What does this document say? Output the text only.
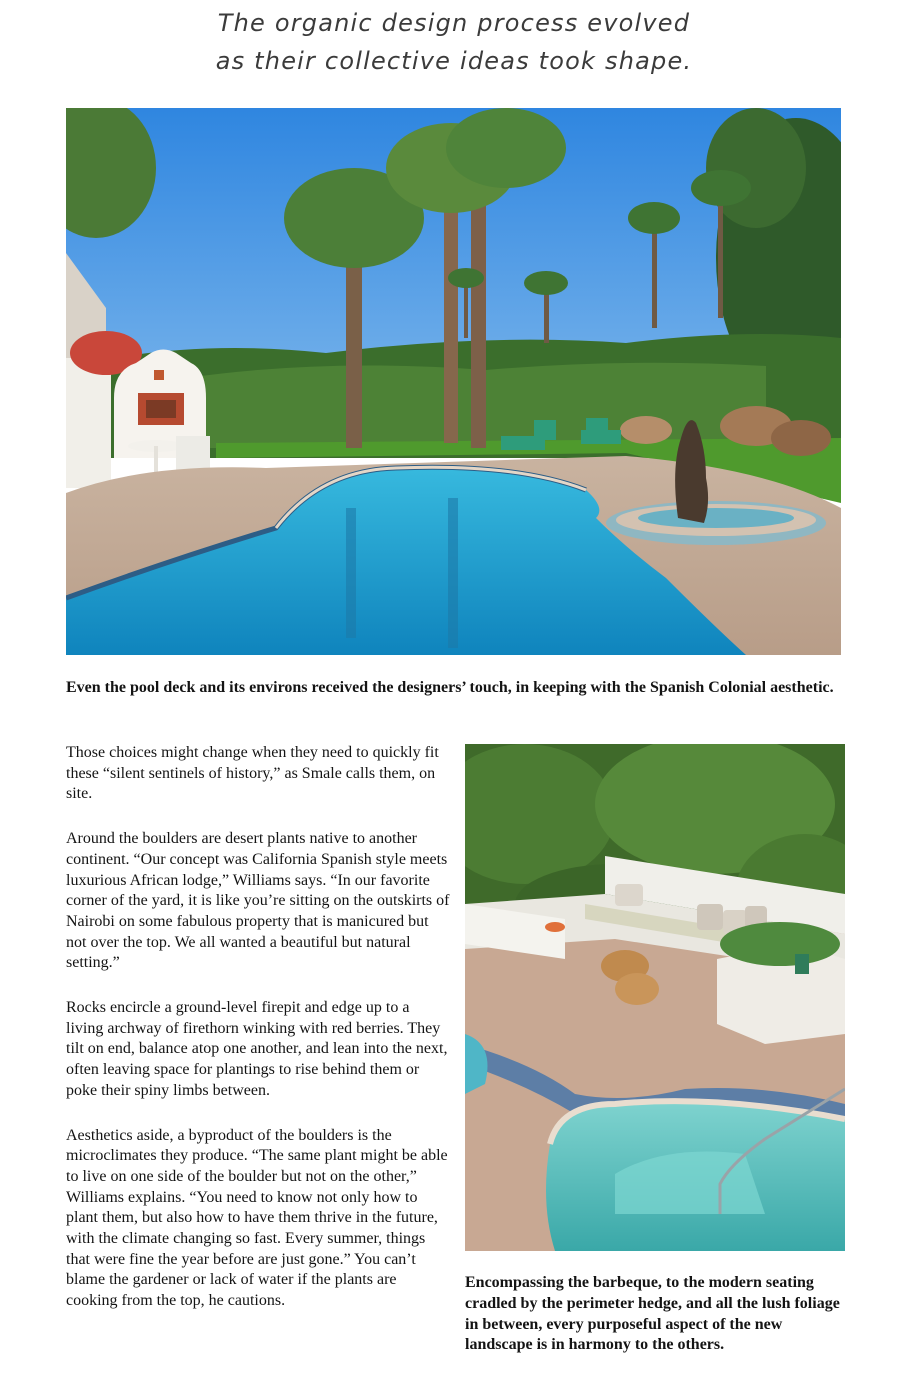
The organic design process evolved
as their collective ideas took shape.
Even the pool deck and its environs received the designers’ touch, in keeping with the Spanish Colonial aesthetic.

Those choices might change when they need to quickly fit these “silent sentinels of history,” as Smale calls them, on site.

Around the boulders are desert plants native to another continent. “Our concept was California Spanish style meets luxurious African lodge,” Williams says. “In our favorite corner of the yard, it is like you’re sitting on the outskirts of Nairobi on some fabulous property that is manicured but not over the top. We all wanted a beautiful but natural setting.”

Rocks encircle a ground-level firepit and edge up to a living archway of firethorn winking with red berries. They tilt on end, balance atop one another, and lean into the next, often leaving space for plantings to rise behind them or poke their spiny limbs between.

Aesthetics aside, a byproduct of the boulders is the microclimates they produce. “The same plant might be able to live on one side of the boulder but not on the other,” Williams explains. “You need to know not only how to plant them, but also how to have them thrive in the future, with the climate changing so fast. Every summer, things that were fine the year before are just gone.” You can’t blame the gardener or lack of water if the plants are cooking from the top, he cautions.

Encompassing the barbeque, to the modern seating cradled by the perimeter hedge, and all the lush foliage in between, every purposeful aspect of the new landscape is in harmony to the others.
